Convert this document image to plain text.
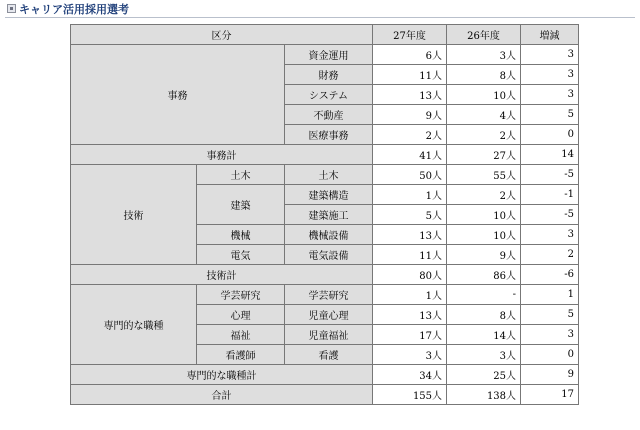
キャリア活用採用選考
区分			27年度	26年度	増減
事務		資金運用	6人	3人	3
		財務	11人	8人	3
		システム	13人	10人	3
		不動産	9人	4人	5
		医療事務	2人	2人	0
事務計			41人	27人	14
技術	土木	土木	50人	55人	-5
	建築	建築構造	1人	2人	-1
		建築施工	5人	10人	-5
	機械	機械設備	13人	10人	3
	電気	電気設備	11人	9人	2
技術計			80人	86人	-6
専門的な職種	学芸研究	学芸研究	1人	-	1
	心理	児童心理	13人	8人	5
	福祉	児童福祉	17人	14人	3
	看護師	看護	3人	3人	0
専門的な職種計			34人	25人	9
合計			155人	138人	17
